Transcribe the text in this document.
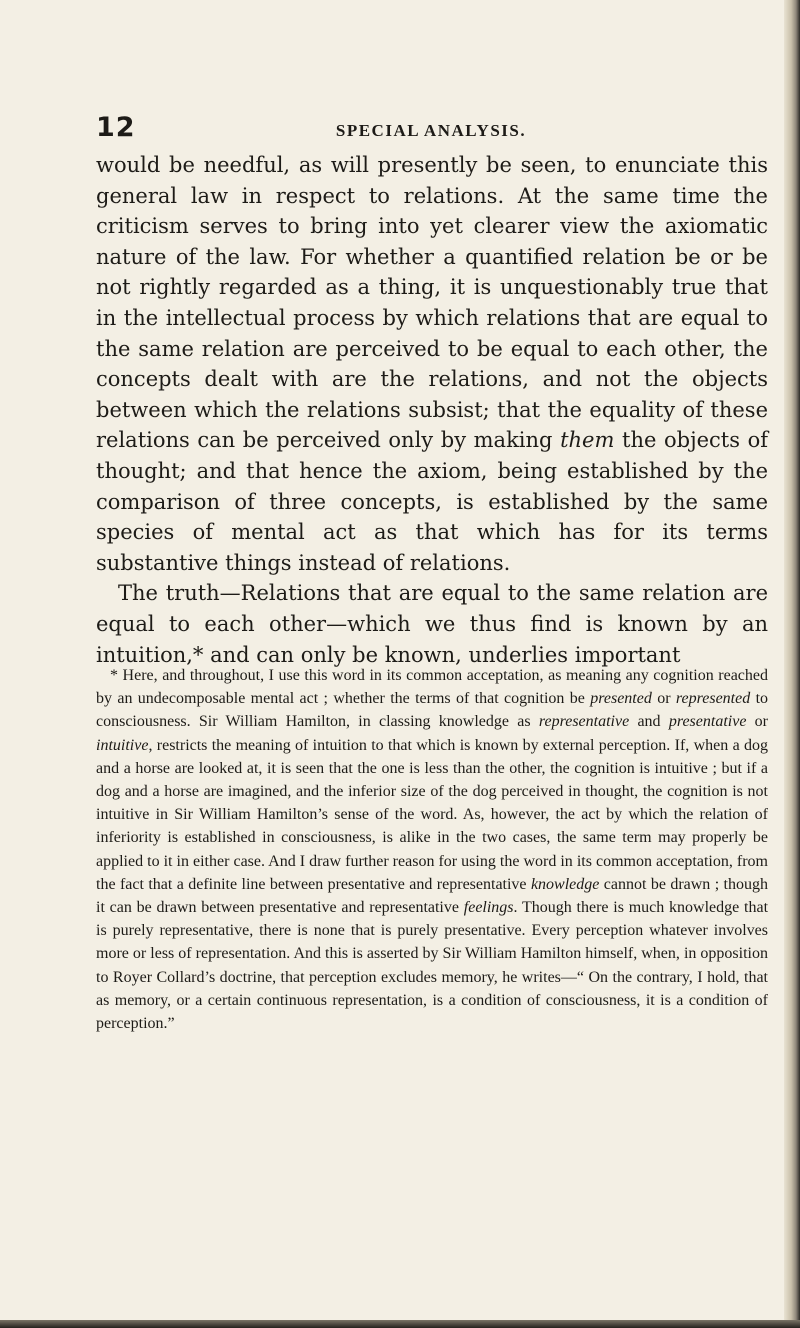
12	SPECIAL ANALYSIS.

would be needful, as will presently be seen, to enunciate this general law in respect to relations. At the same time the criticism serves to bring into yet clearer view the axiomatic nature of the law. For whether a quantified relation be or be not rightly regarded as a thing, it is unquestionably true that in the intellectual process by which relations that are equal to the same relation are perceived to be equal to each other, the concepts dealt with are the relations, and not the objects between which the relations subsist; that the equality of these relations can be perceived only by making them the objects of thought; and that hence the axiom, being established by the comparison of three concepts, is established by the same species of mental act as that which has for its terms substantive things instead of relations.

The truth—Relations that are equal to the same relation are equal to each other—which we thus find is known by an intuition,* and can only be known, underlies important

* Here, and throughout, I use this word in its common acceptation, as meaning any cognition reached by an undecomposable mental act ; whether the terms of that cognition be presented or represented to consciousness. Sir William Hamilton, in classing knowledge as representative and presentative or intuitive, restricts the meaning of intuition to that which is known by external perception. If, when a dog and a horse are looked at, it is seen that the one is less than the other, the cognition is intuitive ; but if a dog and a horse are imagined, and the inferior size of the dog perceived in thought, the cognition is not intuitive in Sir William Hamilton’s sense of the word. As, however, the act by which the relation of inferiority is established in consciousness, is alike in the two cases, the same term may properly be applied to it in either case. And I draw further reason for using the word in its common acceptation, from the fact that a definite line between presentative and representative knowledge cannot be drawn ; though it can be drawn between presentative and representative feelings. Though there is much knowledge that is purely representative, there is none that is purely presentative. Every perception whatever involves more or less of representation. And this is asserted by Sir William Hamilton himself, when, in opposition to Royer Collard’s doctrine, that perception excludes memory, he writes—“ On the contrary, I hold, that as memory, or a certain continuous representation, is a condition of consciousness, it is a condition of perception.”
